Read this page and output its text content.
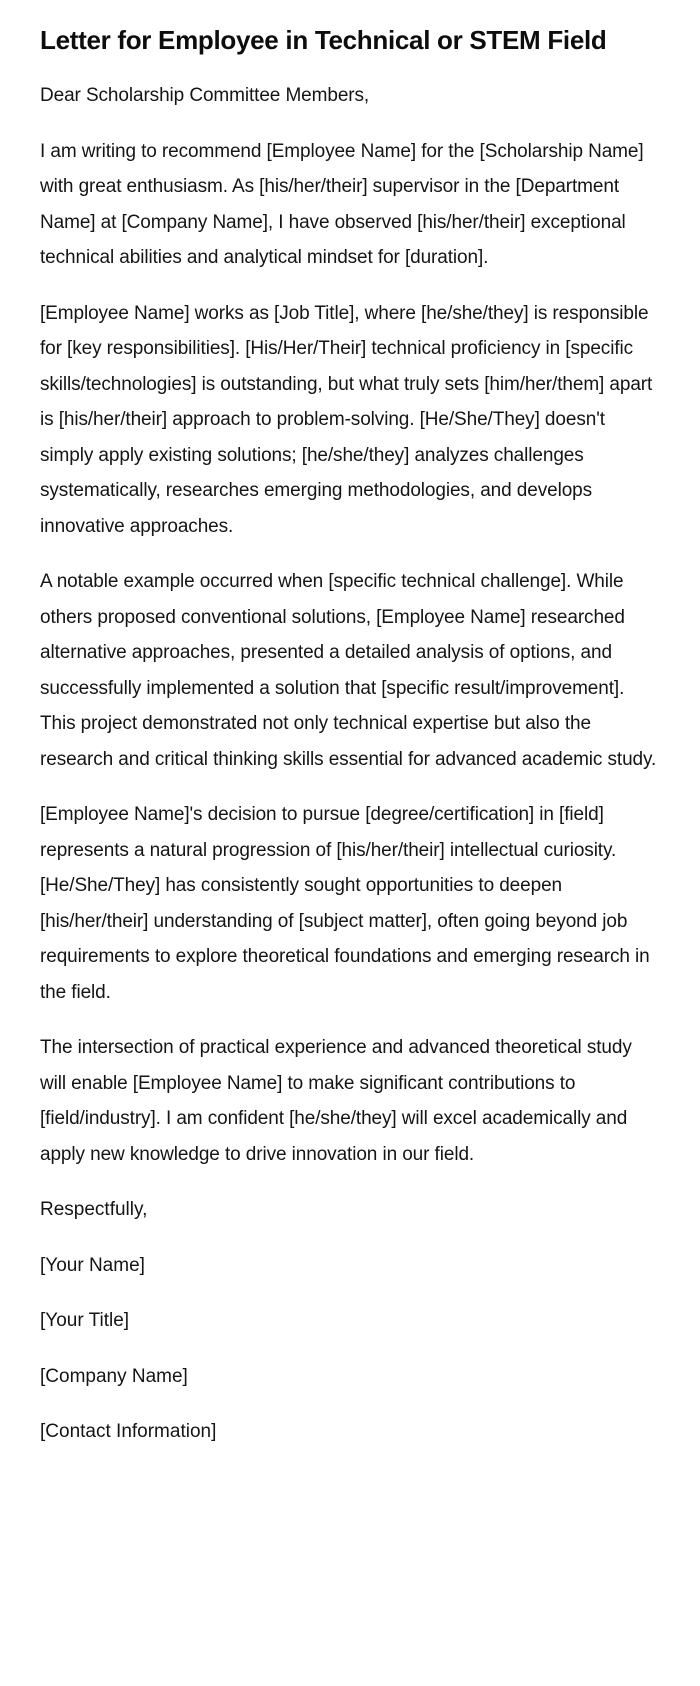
Letter for Employee in Technical or STEM Field

Dear Scholarship Committee Members,

I am writing to recommend [Employee Name] for the [Scholarship Name] with great enthusiasm. As [his/her/their] supervisor in the [Department Name] at [Company Name], I have observed [his/her/their] exceptional technical abilities and analytical mindset for [duration].

[Employee Name] works as [Job Title], where [he/she/they] is responsible for [key responsibilities]. [His/Her/Their] technical proficiency in [specific skills/technologies] is outstanding, but what truly sets [him/her/them] apart is [his/her/their] approach to problem-solving. [He/She/They] doesn't simply apply existing solutions; [he/she/they] analyzes challenges systematically, researches emerging methodologies, and develops innovative approaches.

A notable example occurred when [specific technical challenge]. While others proposed conventional solutions, [Employee Name] researched alternative approaches, presented a detailed analysis of options, and successfully implemented a solution that [specific result/improvement]. This project demonstrated not only technical expertise but also the research and critical thinking skills essential for advanced academic study.

[Employee Name]'s decision to pursue [degree/certification] in [field] represents a natural progression of [his/her/their] intellectual curiosity. [He/She/They] has consistently sought opportunities to deepen [his/her/their] understanding of [subject matter], often going beyond job requirements to explore theoretical foundations and emerging research in the field.

The intersection of practical experience and advanced theoretical study will enable [Employee Name] to make significant contributions to [field/industry]. I am confident [he/she/they] will excel academically and apply new knowledge to drive innovation in our field.

Respectfully,

[Your Name]

[Your Title]

[Company Name]

[Contact Information]
